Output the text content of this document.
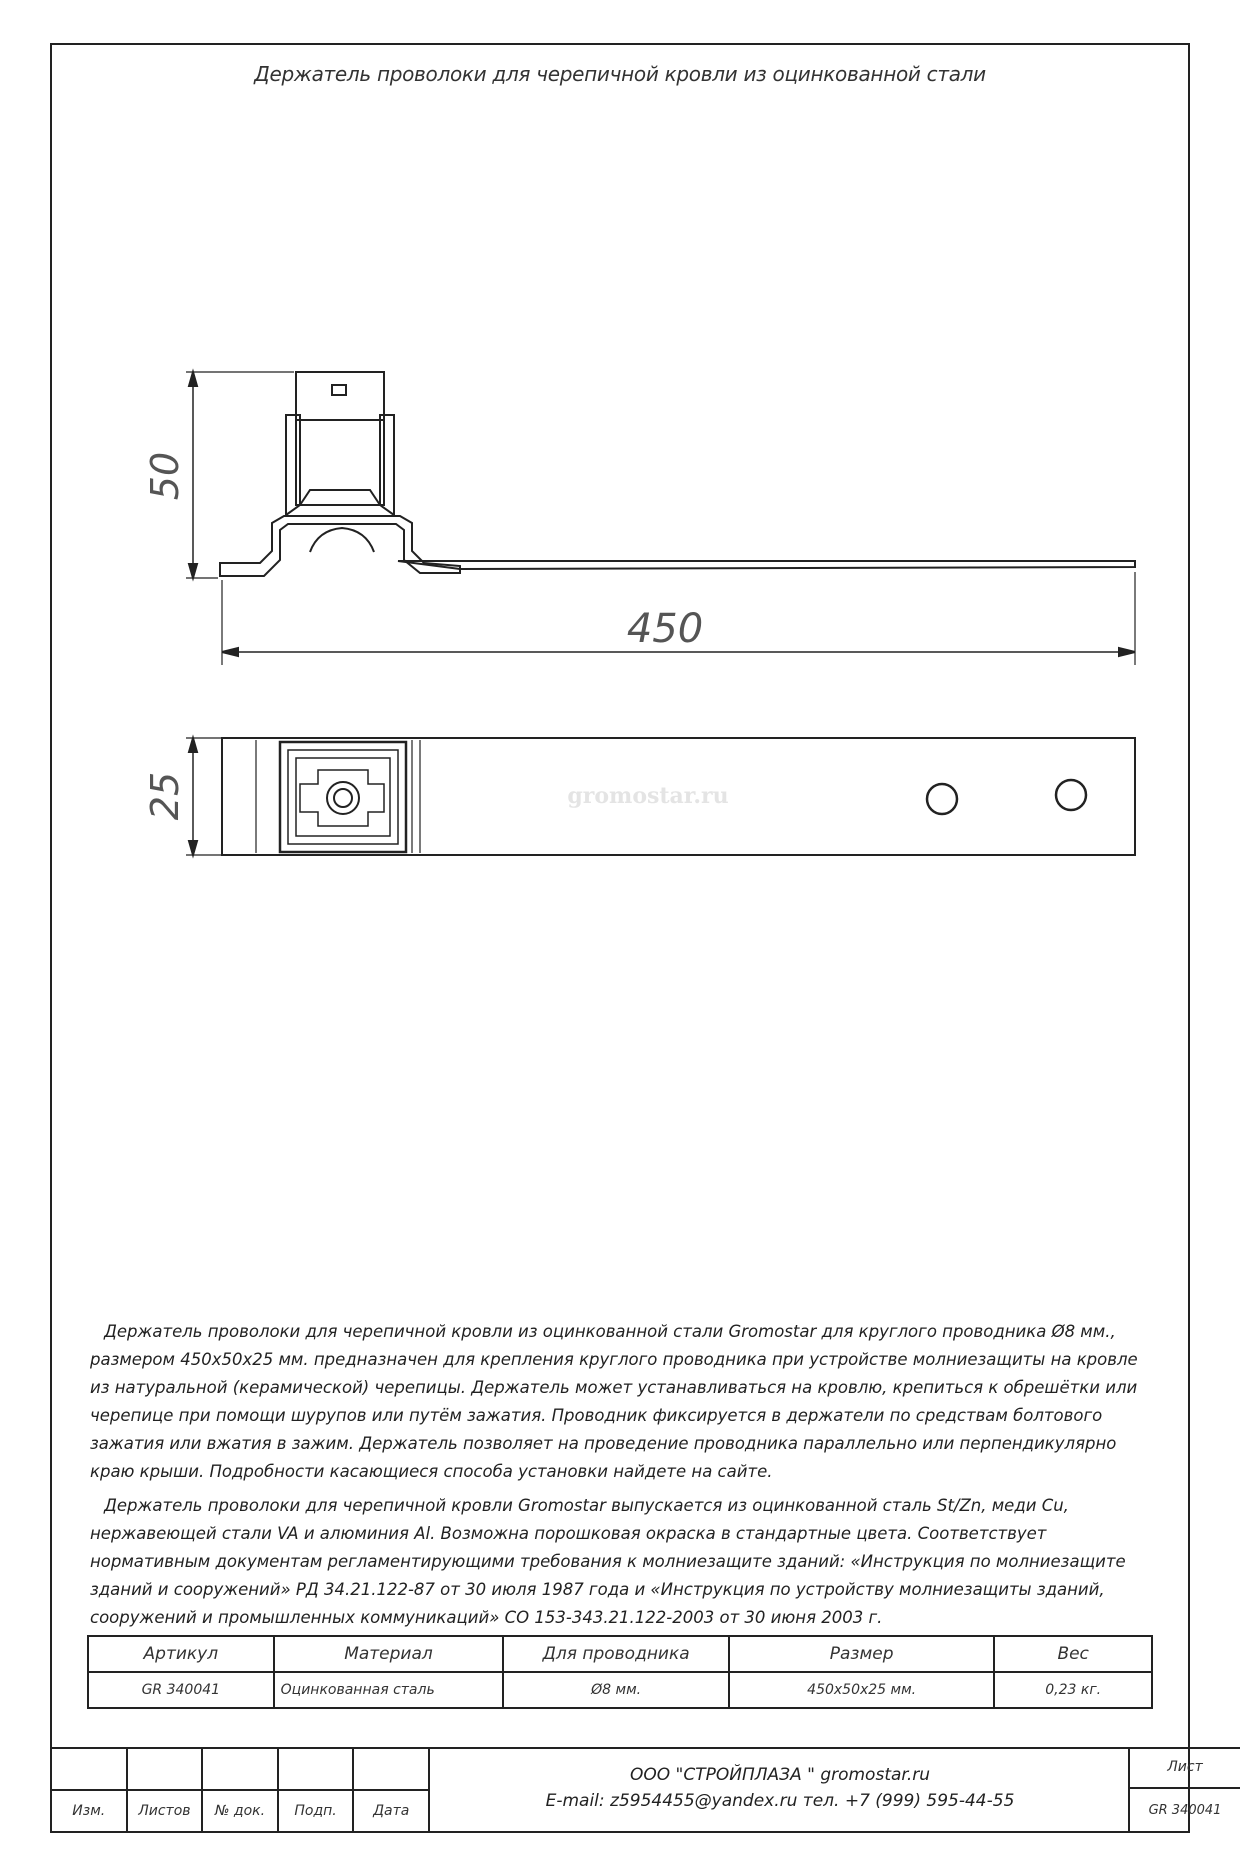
Держатель проволоки для черепичной кровли из оцинкованной стали
50
450
25	gromostar.ru

Держатель проволоки для черепичной кровли из оцинкованной стали Gromostar для круглого проводника Ø8 мм., размером 450x50x25 мм. предназначен для крепления круглого проводника при устройстве молниезащиты на кровле из натуральной (керамической) черепицы. Держатель может устанавливаться на кровлю, крепиться к обрешётки или черепице при помощи шурупов или путём зажатия. Проводник фиксируется в держатели по средствам болтового зажатия или вжатия в зажим. Держатель позволяет на проведение проводника параллельно или перпендикулярно краю крыши. Подробности касающиеся способа установки найдете на сайте.

Держатель проволоки для черепичной кровли Gromostar выпускается из оцинкованной сталь St/Zn, меди Cu, нержавеющей стали VA и алюминия Al. Возможна порошковая окраска в стандартные цвета. Соответствует нормативным документам регламентирующими требования к молниезащите зданий: «Инструкция по молниезащите зданий и сооружений» РД 34.21.122-87 от 30 июля 1987 года и «Инструкция по устройству молниезащиты зданий, сооружений и промышленных коммуникаций» СО 153-343.21.122-2003 от 30 июня 2003 г.

Артикул	Материал	Для проводника	Размер	Вес
GR 340041	Оцинкованная сталь	Ø8 мм.	450x50x25 мм.	0,23 кг.

Изм.	Листов	№ док.	Подп.	Дата
ООО "СТРОЙПЛАЗА " gromostar.ru
E-mail: z5954455@yandex.ru тел. +7 (999) 595-44-55
Лист
GR 340041
